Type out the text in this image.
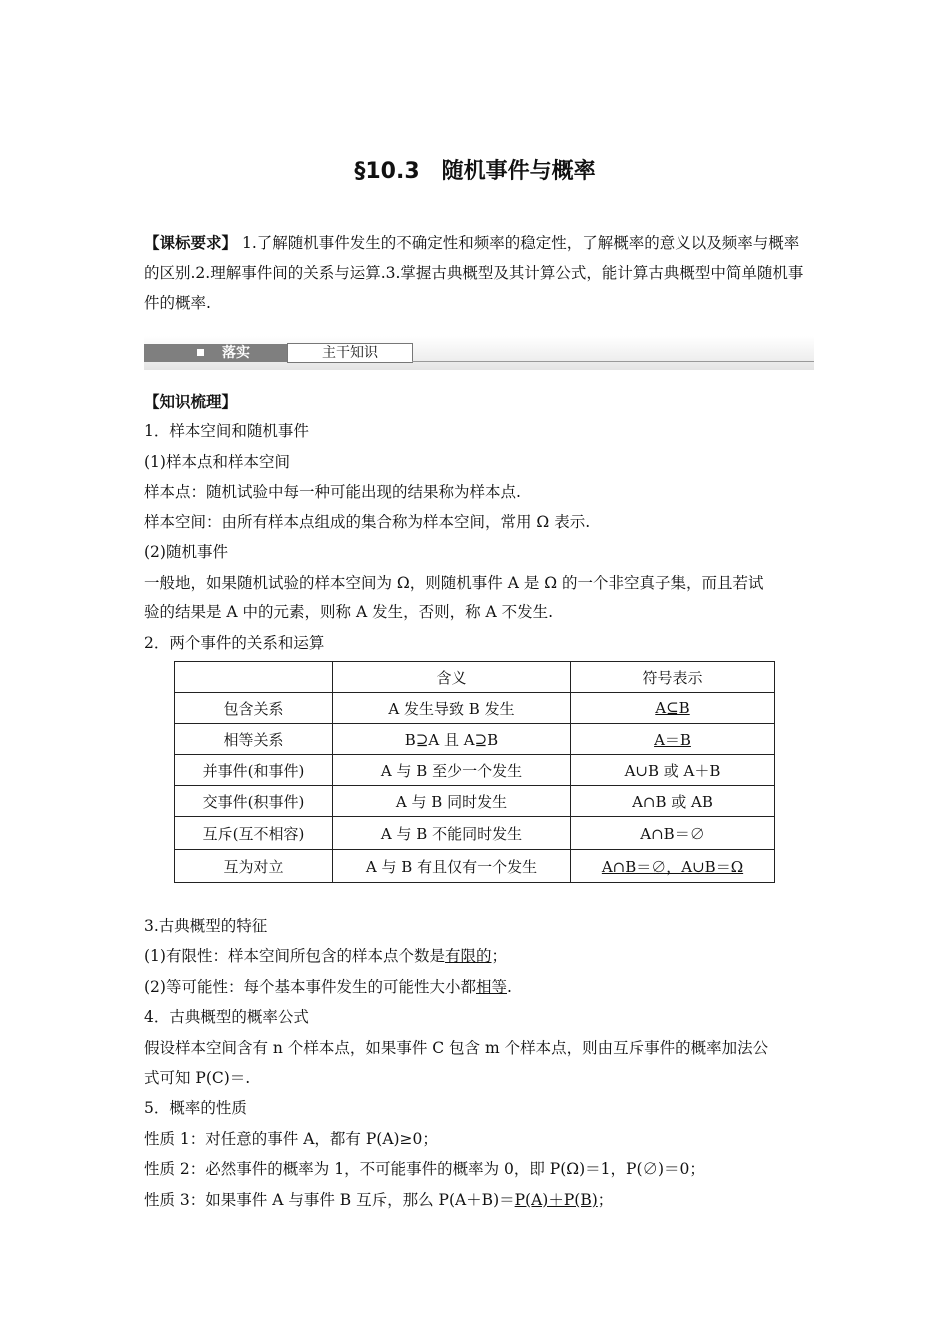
§10.3　随机事件与概率
【课标要求】 1.了解随机事件发生的不确定性和频率的稳定性，了解概率的意义以及频率与概率的区别.2.理解事件间的关系与运算.3.掌握古典概型及其计算公式，能计算古典概型中简单随机事件的概率.
落实	主干知识
【知识梳理】
1．样本空间和随机事件
(1)样本点和样本空间
样本点：随机试验中每一种可能出现的结果称为样本点.
样本空间：由所有样本点组成的集合称为样本空间，常用 Ω 表示.
(2)随机事件
一般地，如果随机试验的样本空间为 Ω，则随机事件 A 是 Ω 的一个非空真子集，而且若试
验的结果是 A 中的元素，则称 A 发生，否则，称 A 不发生.
2．两个事件的关系和运算
	含义	符号表示
包含关系	A 发生导致 B 发生	A⊆B
相等关系	B⊇A 且 A⊇B	A＝B
并事件(和事件)	A 与 B 至少一个发生	A∪B 或 A＋B
交事件(积事件)	A 与 B 同时发生	A∩B 或 AB
互斥(互不相容)	A 与 B 不能同时发生	A∩B＝∅
互为对立	A 与 B 有且仅有一个发生	A∩B＝∅，A∪B＝Ω
3.古典概型的特征
(1)有限性：样本空间所包含的样本点个数是有限的；
(2)等可能性：每个基本事件发生的可能性大小都相等.
4．古典概型的概率公式
假设样本空间含有 n 个样本点，如果事件 C 包含 m 个样本点，则由互斥事件的概率加法公
式可知 P(C)＝.
5．概率的性质
性质 1：对任意的事件 A，都有 P(A)≥0；
性质 2：必然事件的概率为 1，不可能事件的概率为 0，即 P(Ω)＝1，P(∅)＝0；
性质 3：如果事件 A 与事件 B 互斥，那么 P(A＋B)＝P(A)＋P(B)；
